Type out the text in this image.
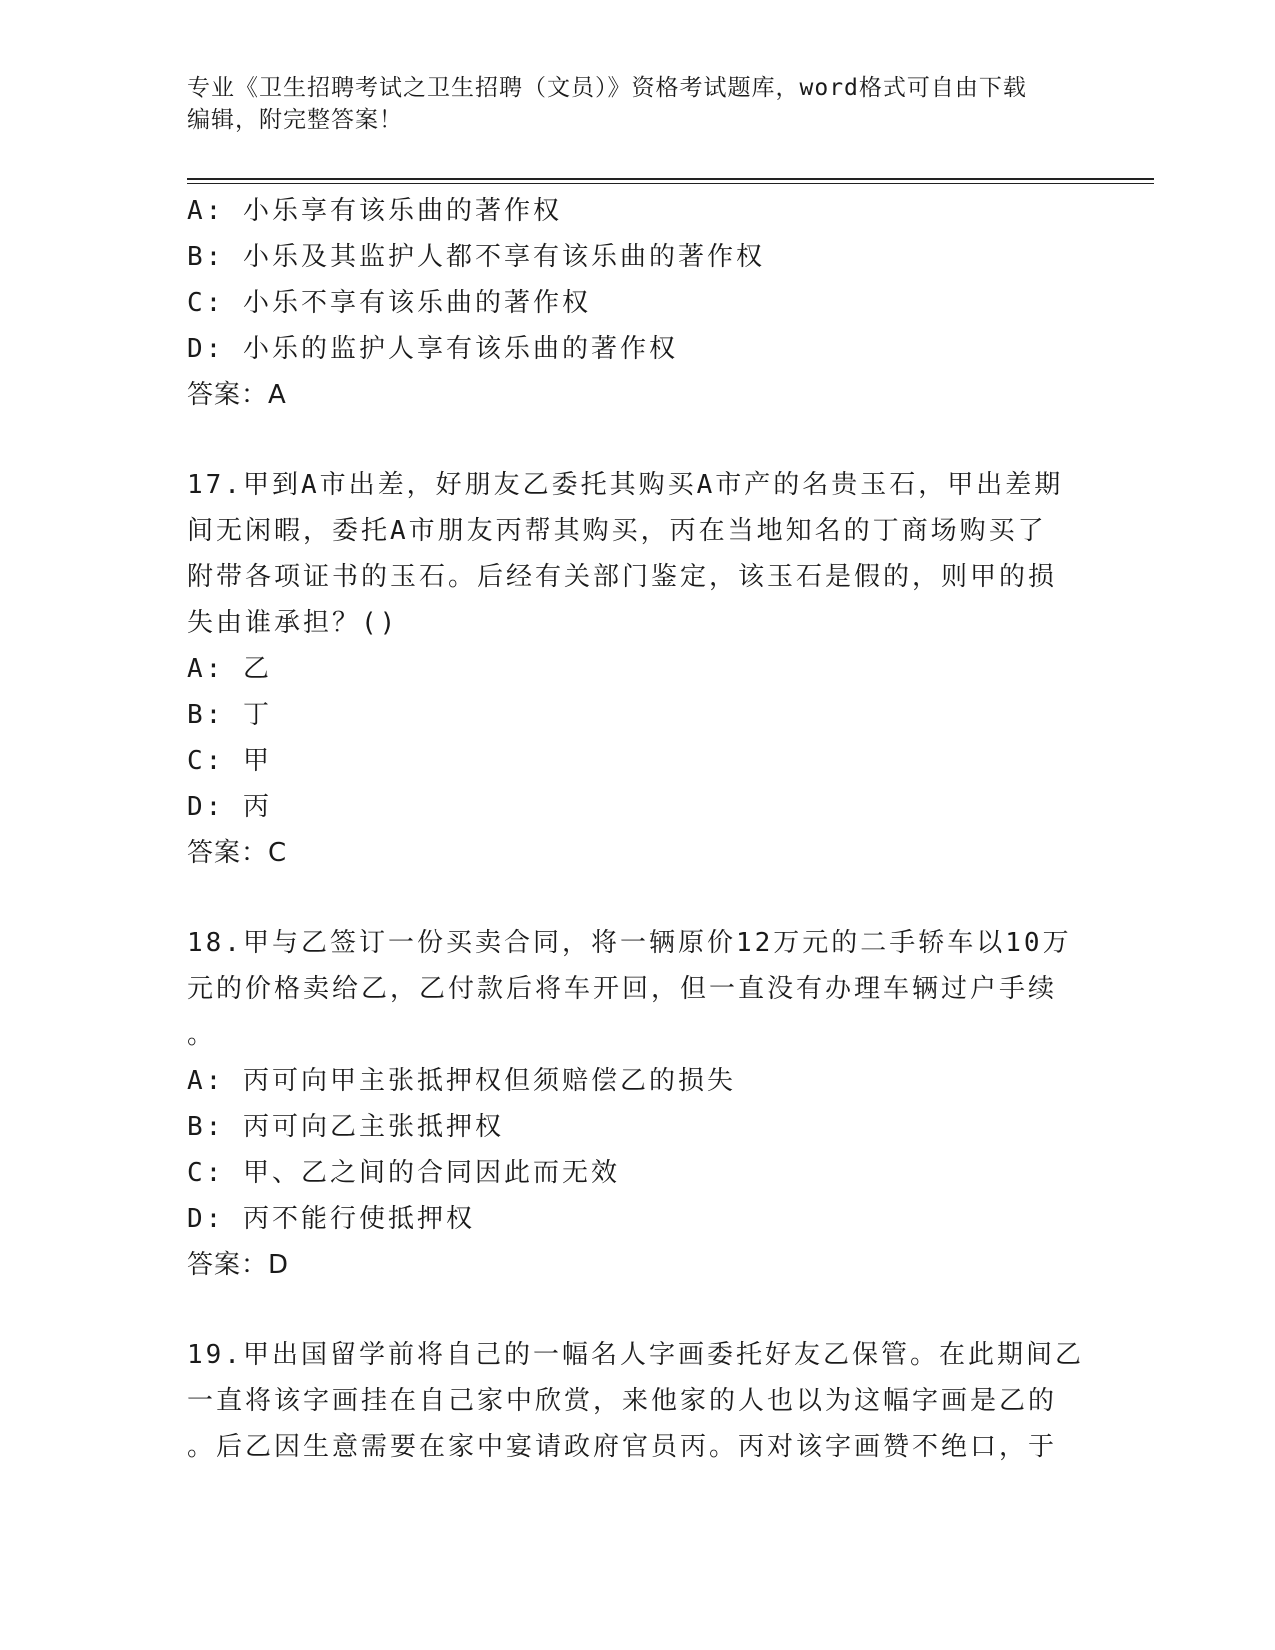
专业《卫生招聘考试之卫生招聘（文员）》资格考试题库，word格式可自由下载
编辑，附完整答案！
A: 小乐享有该乐曲的著作权
B: 小乐及其监护人都不享有该乐曲的著作权
C: 小乐不享有该乐曲的著作权
D: 小乐的监护人享有该乐曲的著作权
答案：A
17.甲到A市出差，好朋友乙委托其购买A市产的名贵玉石，甲出差期
间无闲暇，委托A市朋友丙帮其购买，丙在当地知名的丁商场购买了
附带各项证书的玉石。后经有关部门鉴定，该玉石是假的，则甲的损
失由谁承担？()
A: 乙
B: 丁
C: 甲
D: 丙
答案：C
18.甲与乙签订一份买卖合同，将一辆原价12万元的二手轿车以10万
元的价格卖给乙，乙付款后将车开回，但一直没有办理车辆过户手续
。
A: 丙可向甲主张抵押权但须赔偿乙的损失
B: 丙可向乙主张抵押权
C: 甲、乙之间的合同因此而无效
D: 丙不能行使抵押权
答案：D
19.甲出国留学前将自己的一幅名人字画委托好友乙保管。在此期间乙
一直将该字画挂在自己家中欣赏，来他家的人也以为这幅字画是乙的
。后乙因生意需要在家中宴请政府官员丙。丙对该字画赞不绝口，于
